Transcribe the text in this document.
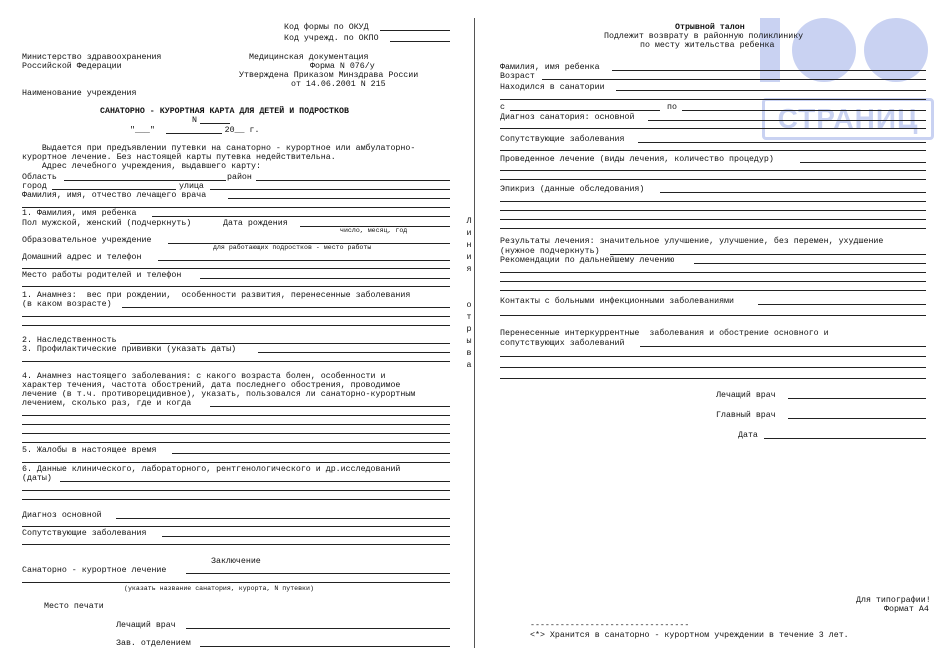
Код формы по ОКУД
Код учрежд. по ОКПО
Министерство здравоохранения
Российской Федерации
Медицинская документация
Форма N 076/у
Утверждена Приказом Минздрава России
от 14.06.2001 N 215
Наименование учреждения
САНАТОРНО - КУРОРТНАЯ КАРТА ДЛЯ ДЕТЕЙ И ПОДРОСТКОВ
N
"___"              20__ г.
Выдается при предъявлении путевки на санаторно - курортное или амбулаторно-
курортное лечение. Без настоящей карты путевка недействительна.
Адрес лечебного учреждения, выдавшего карту:
Область	район
город	улица
Фамилия, имя, отчество лечащего врача
1. Фамилия, имя ребенка
Пол мужской, женский (подчеркнуть)	Дата рождения
число, месяц, год
Образовательное учреждение
для работающих подростков - место работы
Домашний адрес и телефон
Место работы родителей и телефон
1. Анамнез:  вес при рождении,  особенности развития, перенесенные заболевания
(в каком возрасте)
2. Наследственность
3. Профилактические прививки (указать даты)
4. Анамнез настоящего заболевания: с какого возраста болен, особенности и
характер течения, частота обострений, дата последнего обострения, проводимое
лечение (в т.ч. противорецидивное), указать, пользовался ли санаторно-курортным
лечением, сколько раз, где и когда
5. Жалобы в настоящее время
6. Данные клинического, лабораторного, рентгенологического и др.исследований
(даты)
Диагноз основной
Сопутствующие заболевания
Заключение
Санаторно - курортное лечение
(указать название санатория, курорта, N путевки)
Место печати
Лечащий врач
Зав. отделением
Л
и
н
и
я
о
т
р
ы
в
а
СТРАНИЦ
Отрывной талон
Подлежит возврату в районную поликлинику
по месту жительства ребенка
Фамилия, имя ребенка
Возраст
Находился в санатории
с	по
Диагноз санатория: основной
Сопутствующие заболевания
Проведенное лечение (виды лечения, количество процедур)
Эпикриз (данные обследования)
Результаты лечения: значительное улучшение, улучшение, без перемен, ухудшение
(нужное подчеркнуть)
Рекомендации по дальнейшему лечению
Контакты с больными инфекционными заболеваниями
Перенесенные интеркуррентные  заболевания и обострение основного и
сопутствующих заболеваний
Лечащий врач
Главный врач
Дата
Для типографии!
Формат А4
--------------------------------
<*> Хранится в санаторно - курортном учреждении в течение 3 лет.
